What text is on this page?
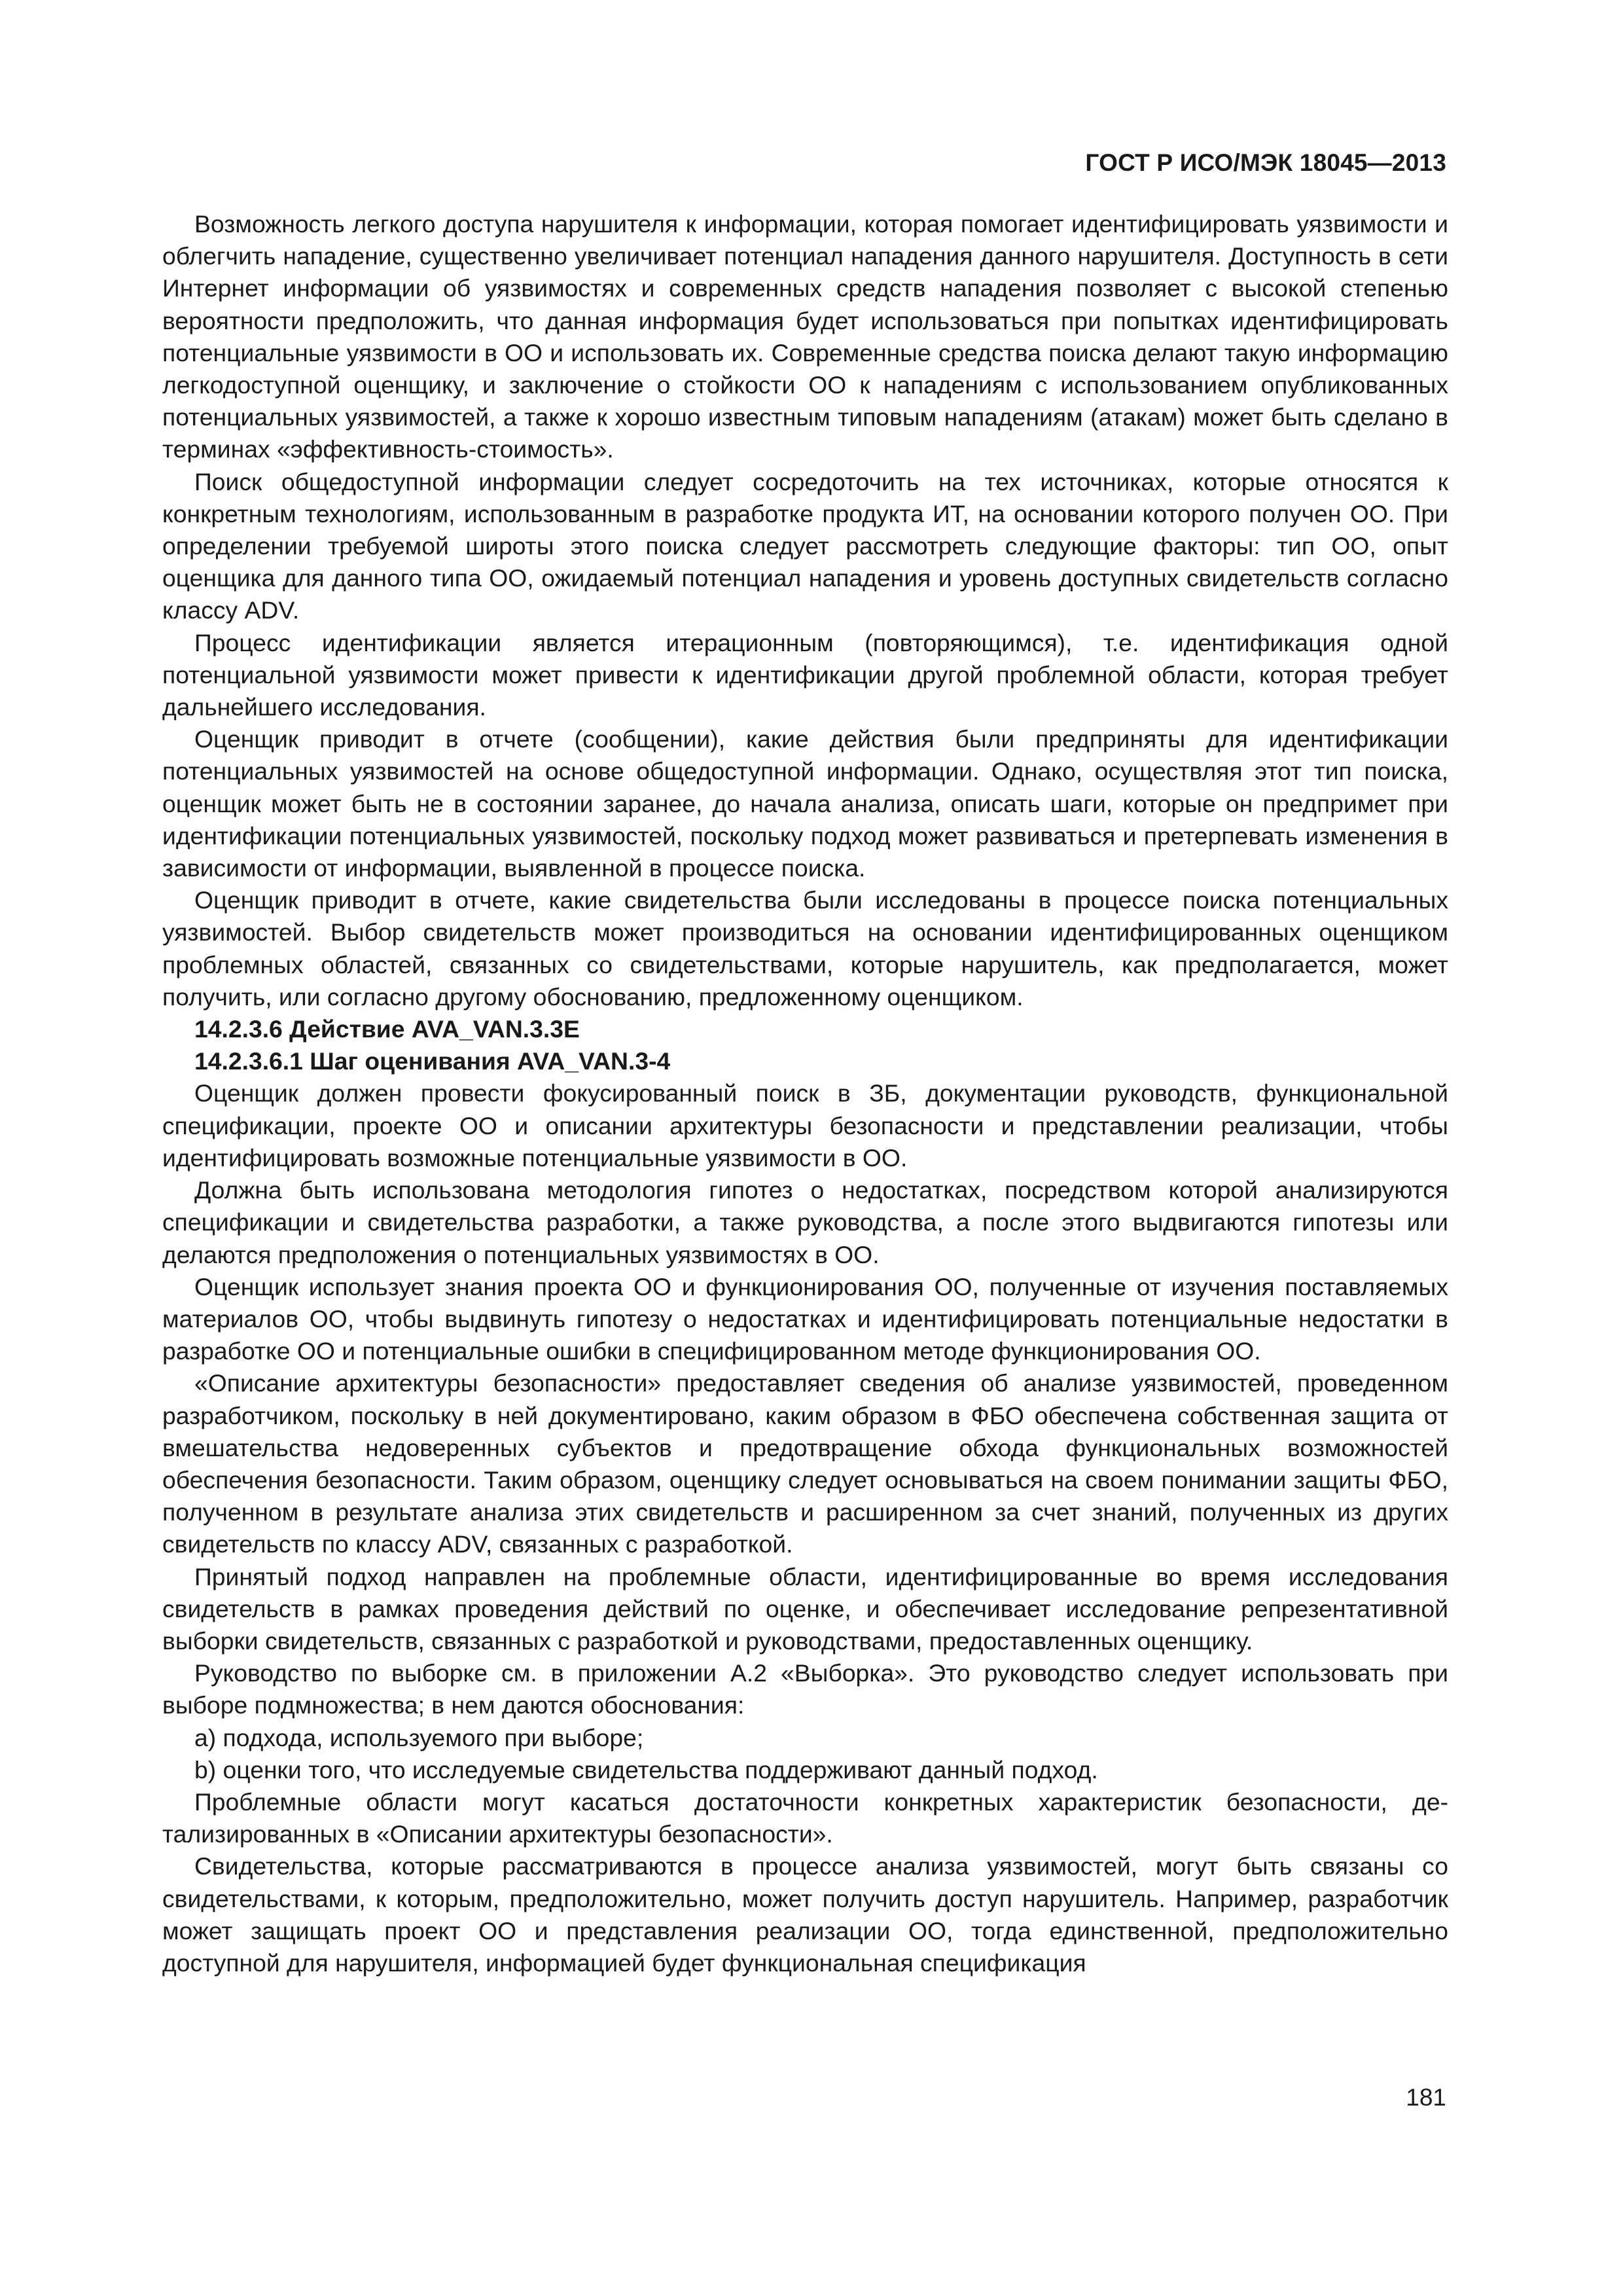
ГОСТ Р ИСО/МЭК 18045—2013

Возможность легкого доступа нарушителя к информации, которая помогает идентифицировать уязвимости и облегчить нападение, существенно увеличивает потенциал нападения данного нарушителя. Доступность в сети Интернет информации об уязвимостях и современных средств нападения позволяет с высокой степенью вероятности предположить, что данная информация будет использоваться при попытках идентифицировать потенциальные уязвимости в ОО и использовать их. Современные средства поиска делают такую информацию легкодоступной оценщику, и заключение о стойкости ОО к нападениям с использованием опубликованных потенциальных уязвимостей, а также к хорошо известным типовым нападениям (атакам) может быть сделано в терминах «эффективность-стоимость».

Поиск общедоступной информации следует сосредоточить на тех источниках, которые относятся к конкретным технологиям, использованным в разработке продукта ИТ, на основании которого получен ОО. При определении требуемой широты этого поиска следует рассмотреть следующие факторы: тип ОО, опыт оценщика для данного типа ОО, ожидаемый потенциал нападения и уровень доступных свидетельств согласно классу ADV.

Процесс идентификации является итерационным (повторяющимся), т.е. идентификация одной потенциальной уязвимости может привести к идентификации другой проблемной области, которая требует дальнейшего исследования.

Оценщик приводит в отчете (сообщении), какие действия были предприняты для идентификации потенциальных уязвимостей на основе общедоступной информации. Однако, осуществляя этот тип поиска, оценщик может быть не в состоянии заранее, до начала анализа, описать шаги, которые он предпримет при идентификации потенциальных уязвимостей, поскольку подход может развиваться и претерпевать изменения в зависимости от информации, выявленной в процессе поиска.

Оценщик приводит в отчете, какие свидетельства были исследованы в процессе поиска потенциальных уязвимостей. Выбор свидетельств может производиться на основании идентифицированных оценщиком проблемных областей, связанных со свидетельствами, которые нарушитель, как предполагается, может получить, или согласно другому обоснованию, предложенному оценщиком.

14.2.3.6 Действие AVA_VAN.3.3E

14.2.3.6.1 Шаг оценивания AVA_VAN.3-4

Оценщик должен провести фокусированный поиск в ЗБ, документации руководств, функциональной спецификации, проекте ОО и описании архитектуры безопасности и представлении реализации, чтобы идентифицировать возможные потенциальные уязвимости в ОО.

Должна быть использована методология гипотез о недостатках, посредством которой анализируются спецификации и свидетельства разработки, а также руководства, а после этого выдвигаются гипотезы или делаются предположения о потенциальных уязвимостях в ОО.

Оценщик использует знания проекта ОО и функционирования ОО, полученные от изучения поставляемых материалов ОО, чтобы выдвинуть гипотезу о недостатках и идентифицировать потенциальные недостатки в разработке ОО и потенциальные ошибки в специфицированном методе функционирования ОО.

«Описание архитектуры безопасности» предоставляет сведения об анализе уязвимостей, проведенном разработчиком, поскольку в ней документировано, каким образом в ФБО обеспечена собственная защита от вмешательства недоверенных субъектов и предотвращение обхода функциональных возможностей обеспечения безопасности. Таким образом, оценщику следует основываться на своем понимании защиты ФБО, полученном в результате анализа этих свидетельств и расширенном за счет знаний, полученных из других свидетельств по классу ADV, связанных с разработкой.

Принятый подход направлен на проблемные области, идентифицированные во время исследования свидетельств в рамках проведения действий по оценке, и обеспечивает исследование репрезентативной выборки свидетельств, связанных с разработкой и руководствами, предоставленных оценщику.

Руководство по выборке см. в приложении А.2 «Выборка». Это руководство следует использовать при выборе подмножества; в нем даются обоснования:

a) подхода, используемого при выборе;

b) оценки того, что исследуемые свидетельства поддерживают данный подход.

Проблемные области могут касаться достаточности конкретных характеристик безопасности, детализированных в «Описании архитектуры безопасности».

Свидетельства, которые рассматриваются в процессе анализа уязвимостей, могут быть связаны со свидетельствами, к которым, предположительно, может получить доступ нарушитель. Например, разработчик может защищать проект ОО и представления реализации ОО, тогда единственной, предположительно доступной для нарушителя, информацией будет функциональная спецификация

181
